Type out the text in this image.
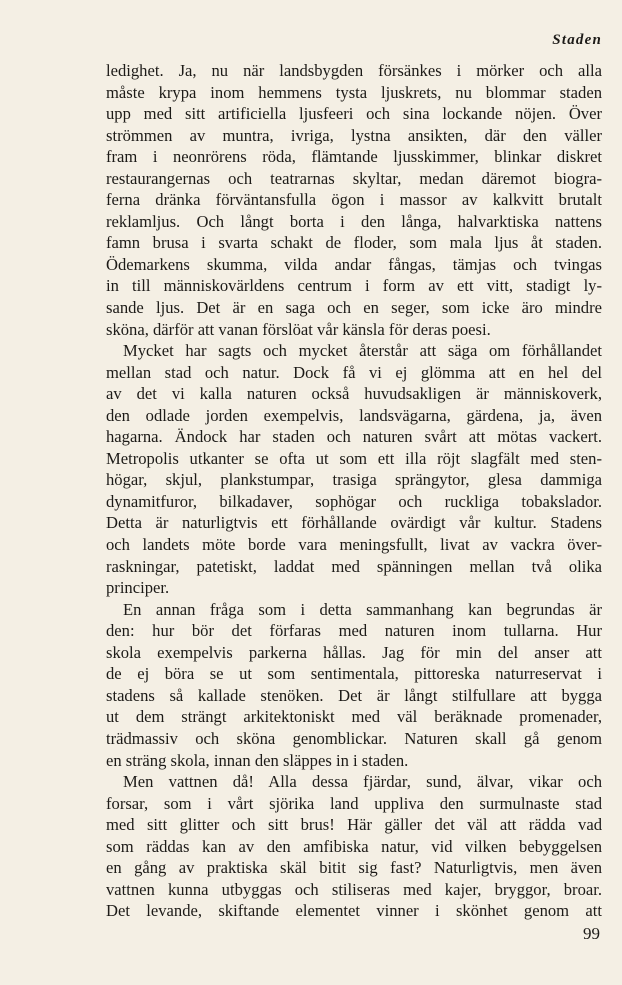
Staden
ledighet. Ja, nu när landsbygden försänkes i mörker och alla
måste krypa inom hemmens tysta ljuskrets, nu blommar staden
upp med sitt artificiella ljusfeeri och sina lockande nöjen. Över
strömmen av muntra, ivriga, lystna ansikten, där den väller
fram i neonrörens röda, flämtande ljusskimmer, blinkar diskret
restaurangernas och teatrarnas skyltar, medan däremot biogra-
ferna dränka förväntansfulla ögon i massor av kalkvitt brutalt
reklamljus. Och långt borta i den långa, halvarktiska nattens
famn brusa i svarta schakt de floder, som mala ljus åt staden.
Ödemarkens skumma, vilda andar fångas, tämjas och tvingas
in till människovärldens centrum i form av ett vitt, stadigt ly-
sande ljus. Det är en saga och en seger, som icke äro mindre
sköna, därför att vanan förslöat vår känsla för deras poesi.
Mycket har sagts och mycket återstår att säga om förhållandet
mellan stad och natur. Dock få vi ej glömma att en hel del
av det vi kalla naturen också huvudsakligen är människoverk,
den odlade jorden exempelvis, landsvägarna, gärdena, ja, även
hagarna. Ändock har staden och naturen svårt att mötas vackert.
Metropolis utkanter se ofta ut som ett illa röjt slagfält med sten-
högar, skjul, plankstumpar, trasiga sprängytor, glesa dammiga
dynamitfuror, bilkadaver, sophögar och ruckliga tobakslador.
Detta är naturligtvis ett förhållande ovärdigt vår kultur. Stadens
och landets möte borde vara meningsfullt, livat av vackra över-
raskningar, patetiskt, laddat med spänningen mellan två olika
principer.
En annan fråga som i detta sammanhang kan begrundas är
den: hur bör det förfaras med naturen inom tullarna. Hur
skola exempelvis parkerna hållas. Jag för min del anser att
de ej böra se ut som sentimentala, pittoreska naturreservat i
stadens så kallade stenöken. Det är långt stilfullare att bygga
ut dem strängt arkitektoniskt med väl beräknade promenader,
trädmassiv och sköna genomblickar. Naturen skall gå genom
en sträng skola, innan den släppes in i staden.
Men vattnen då! Alla dessa fjärdar, sund, älvar, vikar och
forsar, som i vårt sjörika land uppliva den surmulnaste stad
med sitt glitter och sitt brus! Här gäller det väl att rädda vad
som räddas kan av den amfibiska natur, vid vilken bebyggelsen
en gång av praktiska skäl bitit sig fast? Naturligtvis, men även
vattnen kunna utbyggas och stiliseras med kajer, bryggor, broar.
Det levande, skiftande elementet vinner i skönhet genom att
99
